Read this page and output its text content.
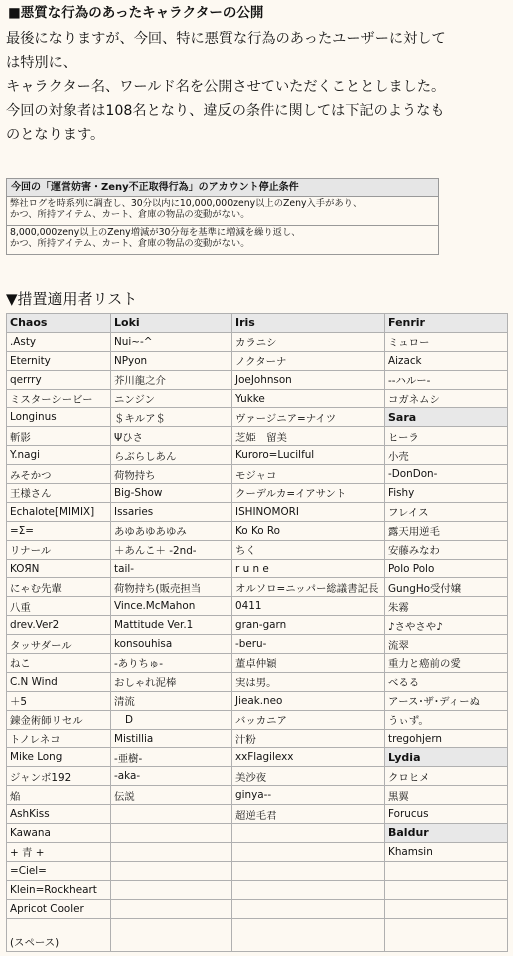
■悪質な行為のあったキャラクターの公開
最後になりますが、今回、特に悪質な行為のあったユーザーに対して
は特別に、
キャラクター名、ワールド名を公開させていただくこととしました。
今回の対象者は108名となり、違反の条件に関しては下記のようなも
のとなります。
今回の「運営妨害・Zeny不正取得行為」のアカウント停止条件

弊社ログを時系列に調査し、30分以内に10,000,000zeny以上のZeny入手があり、
かつ、所持アイテム、カート、倉庫の物品の変動がない。

8,000,000zeny以上のZeny増減が30分毎を基準に増減を繰り返し、
かつ、所持アイテム、カート、倉庫の物品の変動がない。
▼措置適用者リスト
Chaos	Loki	Iris	Fenrir
.Asty	Nui~-^	カラニシ	ミュロー
Eternity	NPyon	ノクターナ	Aizack
qerrry	芥川龍之介	JoeJohnson	--ハルー-
ミスターシービー	ニンジン	Yukke	コガネムシ
Longinus	＄キルア＄	ヴァージニア=ナイツ	Sara
斬影	Ψひさ	芝姫　留美	ヒーラ
Y.nagi	らぶらしあん	Kuroro=Lucilful	小壳
みそかつ	荷物持ち	モジャコ	-DonDon-
王様さん	Big-Show	クーデルカ=イアサント	Fishy
Echalote[MIMIX]	Issaries	ISHINOMORI	フレイス
=Σ=	あゆあゆあゆみ	Ko Ko Ro	露天用逆毛
リナール	＋あんこ＋ -2nd-	ちく	安藤みなわ
KOЯN	tail-	r u n e	Polo Polo
にゃむ先輩	荷物持ち(販売担当	オルソロ=ニッパー総議書記長	GungHo受付嬢
八重	Vince.McMahon	0411	朱霧
drev.Ver2	Mattitude Ver.1	gran-garn	♪さやさや♪
タッサダール	konsouhisa	-beru-	流翠
ねこ	-ありちゅ-	董卓仲穎	重力と癌前の愛
C.N Wind	おしゃれ泥棒	実は男。	べるる
＋5	清流	Jieak.neo	アース･ザ･ディーぬ
錬金術師リセル	D	バッカニア	うぃず。
トノレネコ	Mistillia	汁粉	tregohjern
Mike Long	-亜樹-	xxFlagilexx	Lydia
ジャンボ192	-aka-	美沙夜	クロヒメ
焔	伝説	ginya--	黒翼
AshKiss		超逆毛君	Forucus
Kawana			Baldur
+ 青 +			Khamsin
=Ciel=			
Klein=Rockheart			
Apricot Cooler			
(スペース)			
